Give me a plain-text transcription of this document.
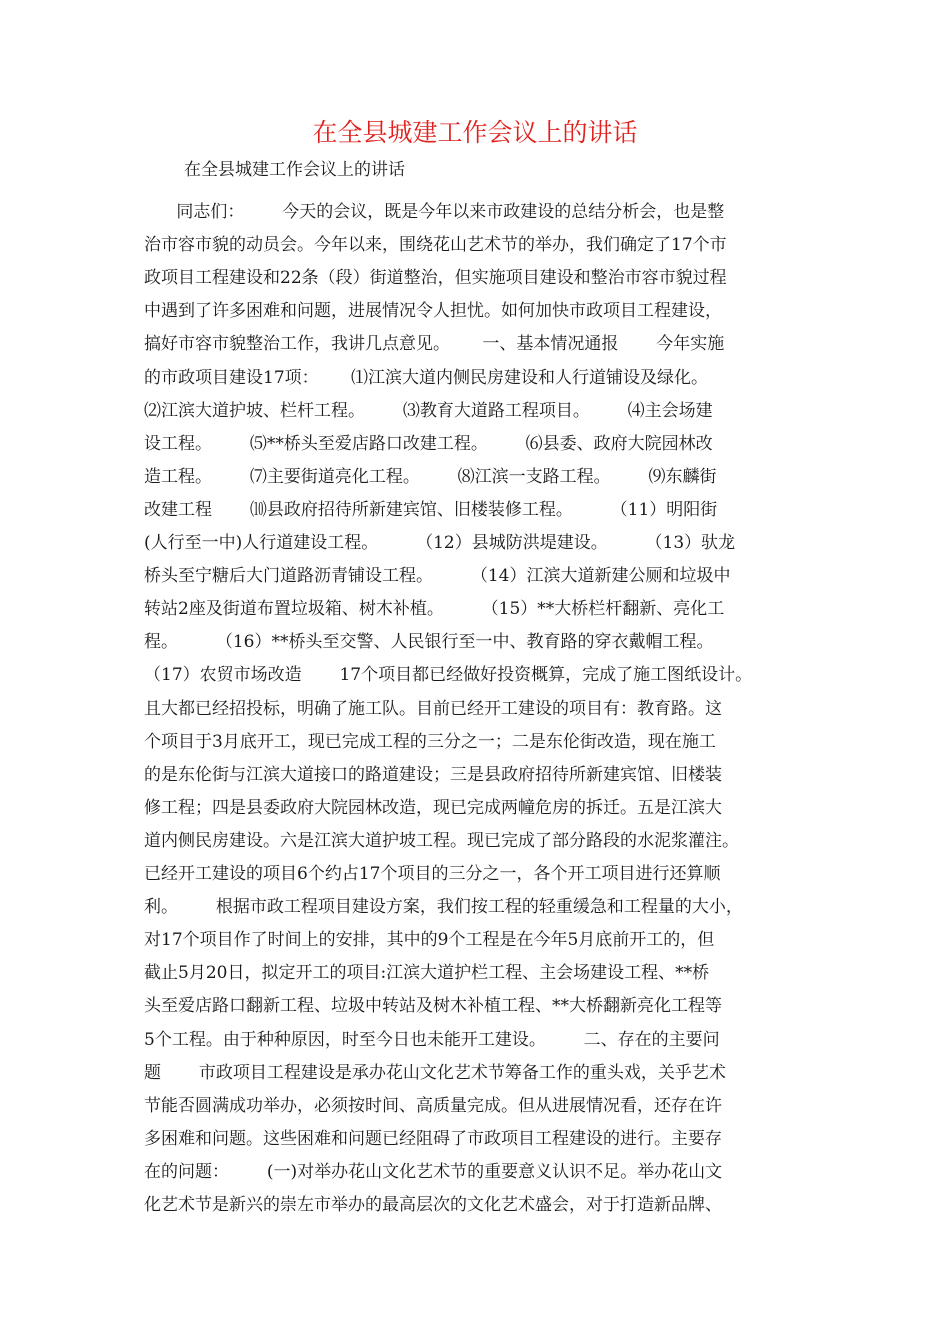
在全县城建工作会议上的讲话
在全县城建工作会议上的讲话
同志们：       今天的会议，既是今年以来市政建设的总结分析会，也是整
治市容市貌的动员会。今年以来，围绕花山艺术节的举办，我们确定了17个市
政项目工程建设和22条（段）街道整治，但实施项目建设和整治市容市貌过程
中遇到了许多困难和问题，进展情况令人担忧。如何加快市政项目工程建设，
搞好市容市貌整治工作，我讲几点意见。      一、基本情况通报       今年实施
的市政项目建设17项：      ⑴江滨大道内侧民房建设和人行道铺设及绿化。
⑵江滨大道护坡、栏杆工程。       ⑶教育大道路工程项目。       ⑷主会场建
设工程。       ⑸**桥头至爱店路口改建工程。       ⑹县委、政府大院园林改
造工程。       ⑺主要街道亮化工程。       ⑻江滨一支路工程。       ⑼东麟街
改建工程       ⑽县政府招待所新建宾馆、旧楼装修工程。       （11）明阳街
(人行至一中)人行道建设工程。       （12）县城防洪堤建设。       （13）驮龙
桥头至宁糖后大门道路沥青铺设工程。       （14）江滨大道新建公厕和垃圾中
转站2座及街道布置垃圾箱、树木补植。       （15）**大桥栏杆翻新、亮化工
程。       （16）**桥头至交警、人民银行至一中、教育路的穿衣戴帽工程。
（17）农贸市场改造       17个项目都已经做好投资概算，完成了施工图纸设计。
且大都已经招投标，明确了施工队。目前已经开工建设的项目有：教育路。这
个项目于3月底开工，现已完成工程的三分之一；二是东伦街改造，现在施工
的是东伦街与江滨大道接口的路道建设；三是县政府招待所新建宾馆、旧楼装
修工程；四是县委政府大院园林改造，现已完成两幢危房的拆迁。五是江滨大
道内侧民房建设。六是江滨大道护坡工程。现已完成了部分路段的水泥浆灌注。
已经开工建设的项目6个约占17个项目的三分之一，各个开工项目进行还算顺
利。       根据市政工程项目建设方案，我们按工程的轻重缓急和工程量的大小，
对17个项目作了时间上的安排，其中的9个工程是在今年5月底前开工的，但
截止5月20日，拟定开工的项目:江滨大道护栏工程、主会场建设工程、**桥
头至爱店路口翻新工程、垃圾中转站及树木补植工程、**大桥翻新亮化工程等
5个工程。由于种种原因，时至今日也未能开工建设。       二、存在的主要问
题       市政项目工程建设是承办花山文化艺术节筹备工作的重头戏，关乎艺术
节能否圆满成功举办，必须按时间、高质量完成。但从进展情况看，还存在许
多困难和问题。这些困难和问题已经阻碍了市政项目工程建设的进行。主要存
在的问题：       (一)对举办花山文化艺术节的重要意义认识不足。举办花山文
化艺术节是新兴的崇左市举办的最高层次的文化艺术盛会，对于打造新品牌、
